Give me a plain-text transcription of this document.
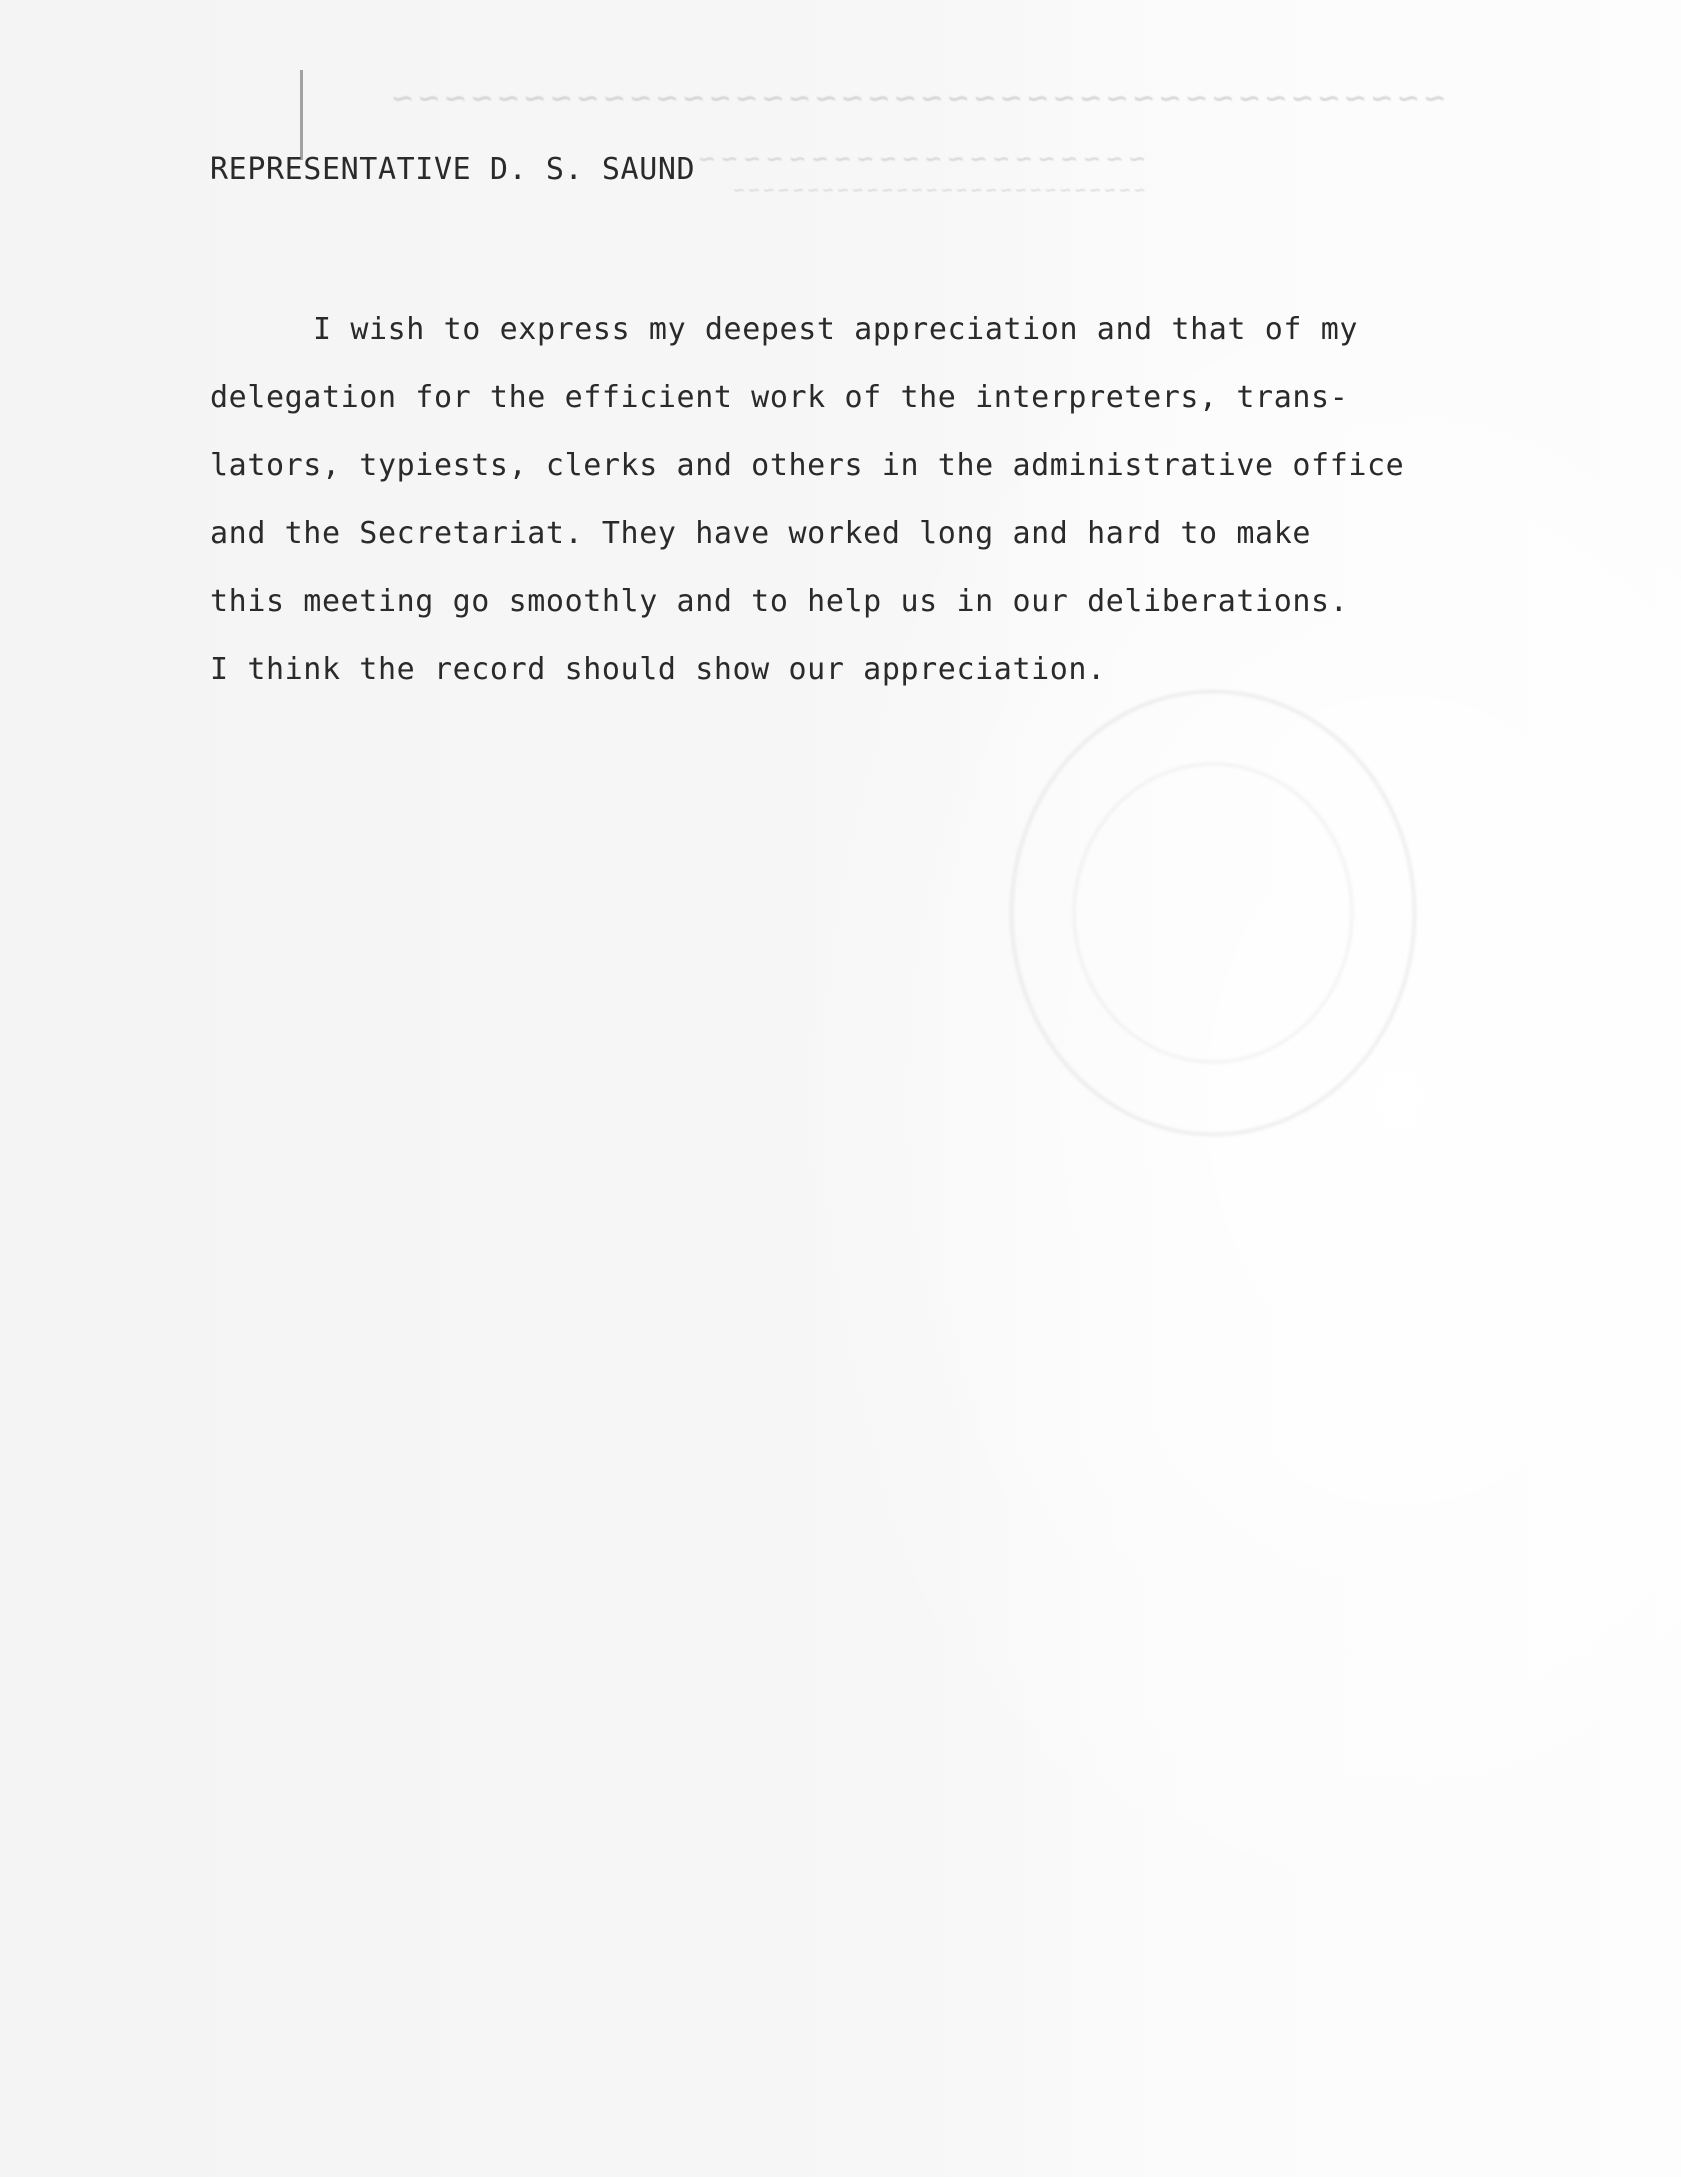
~~~~~~~~~~~~~~~~~~~~~~~~~~~~~~~~~~~~~~~~
~~~~~~~~~~~~~~~~~~~~
~~~~~~~~~~~~~~~~~~~~~~~~~~~~
REPRESENTATIVE D. S. SAUND
I wish to express my deepest appreciation and that of my
delegation for the efficient work of the interpreters, trans-
lators, typiests, clerks and others in the administrative office
and the Secretariat. They have worked long and hard to make
this meeting go smoothly and to help us in our deliberations.
I think the record should show our appreciation.
